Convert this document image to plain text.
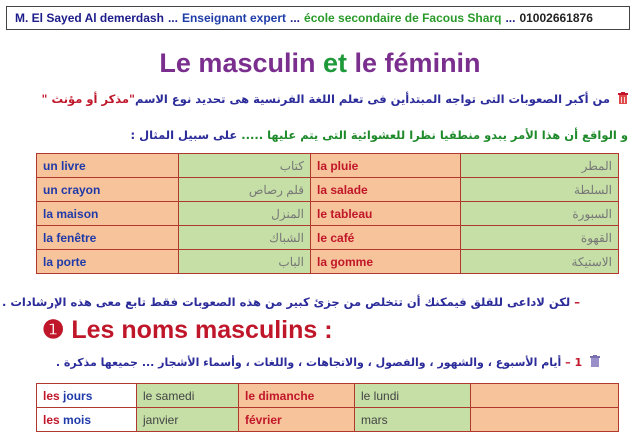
M. El Sayed Al demerdash ... Enseignant expert ... école secondaire de Facous Sharq ... 01002661876
Le masculin et le féminin
من أكبر الصعوبات التى تواجه المبتدأين فى تعلم اللغة الفرنسية هى تحديد نوع الاسم"مذكر أو مؤنث "
و الواقع أن هذا الأمر يبدو منطقيا نظرا للعشوائية التى يتم عليها ..... على سبيل المثال :
un livre	كتاب	la pluie	المطر
un crayon	قلم رصاص	la salade	السلطة
la maison	المنزل	le tableau	السبورة
la fenêtre	الشباك	le café	القهوة
la porte	الباب	la gomme	الاستيكة
– لكن لاداعى للقلق فيمكنك أن تتخلص من جزئ كبير من هذه الصعوبات فقط تابع معى هذه الإرشادات .
❶ Les noms masculins :
1 – أيام الأسبوع ، والشهور ، والفصول ، والاتجاهات ، واللغات ، وأسماء الأشجار ... جميعها مذكرة .
les jours	le samedi	le dimanche	le lundi	
les mois	janvier	février	mars	
